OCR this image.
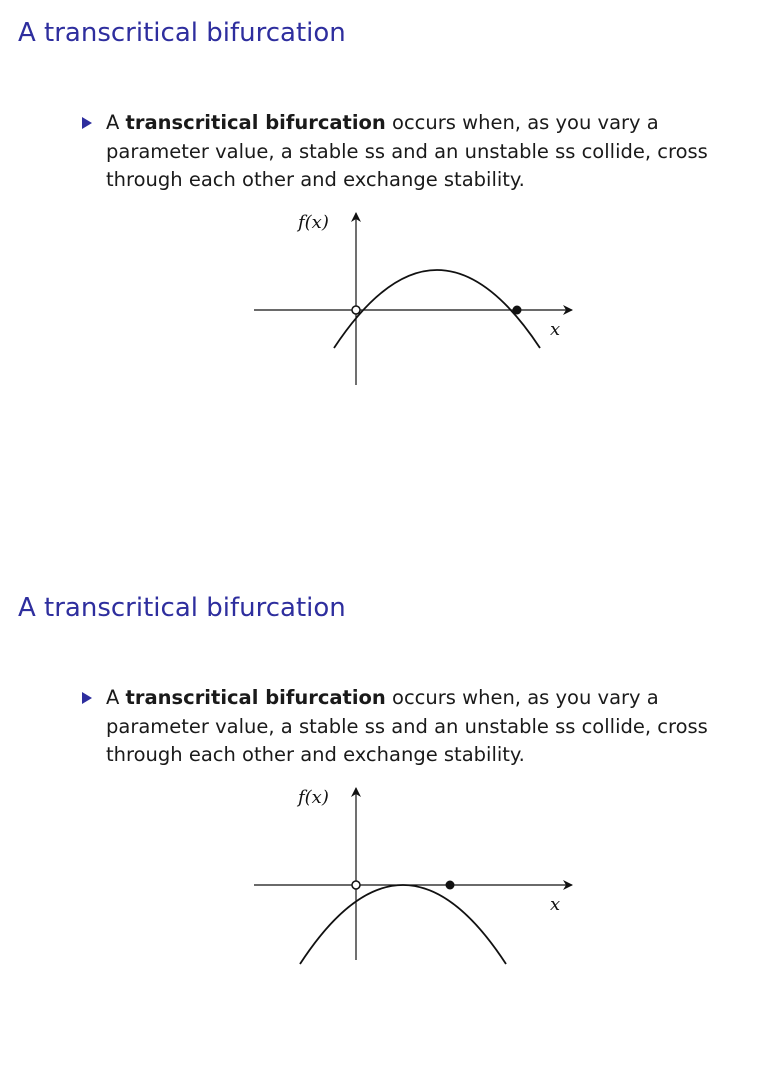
A transcritical bifurcation
A transcritical bifurcation occurs when, as you vary a parameter value, a stable ss and an unstable ss collide, cross through each other and exchange stability.
f(x)
x
A transcritical bifurcation
A transcritical bifurcation occurs when, as you vary a parameter value, a stable ss and an unstable ss collide, cross through each other and exchange stability.
f(x)
x
